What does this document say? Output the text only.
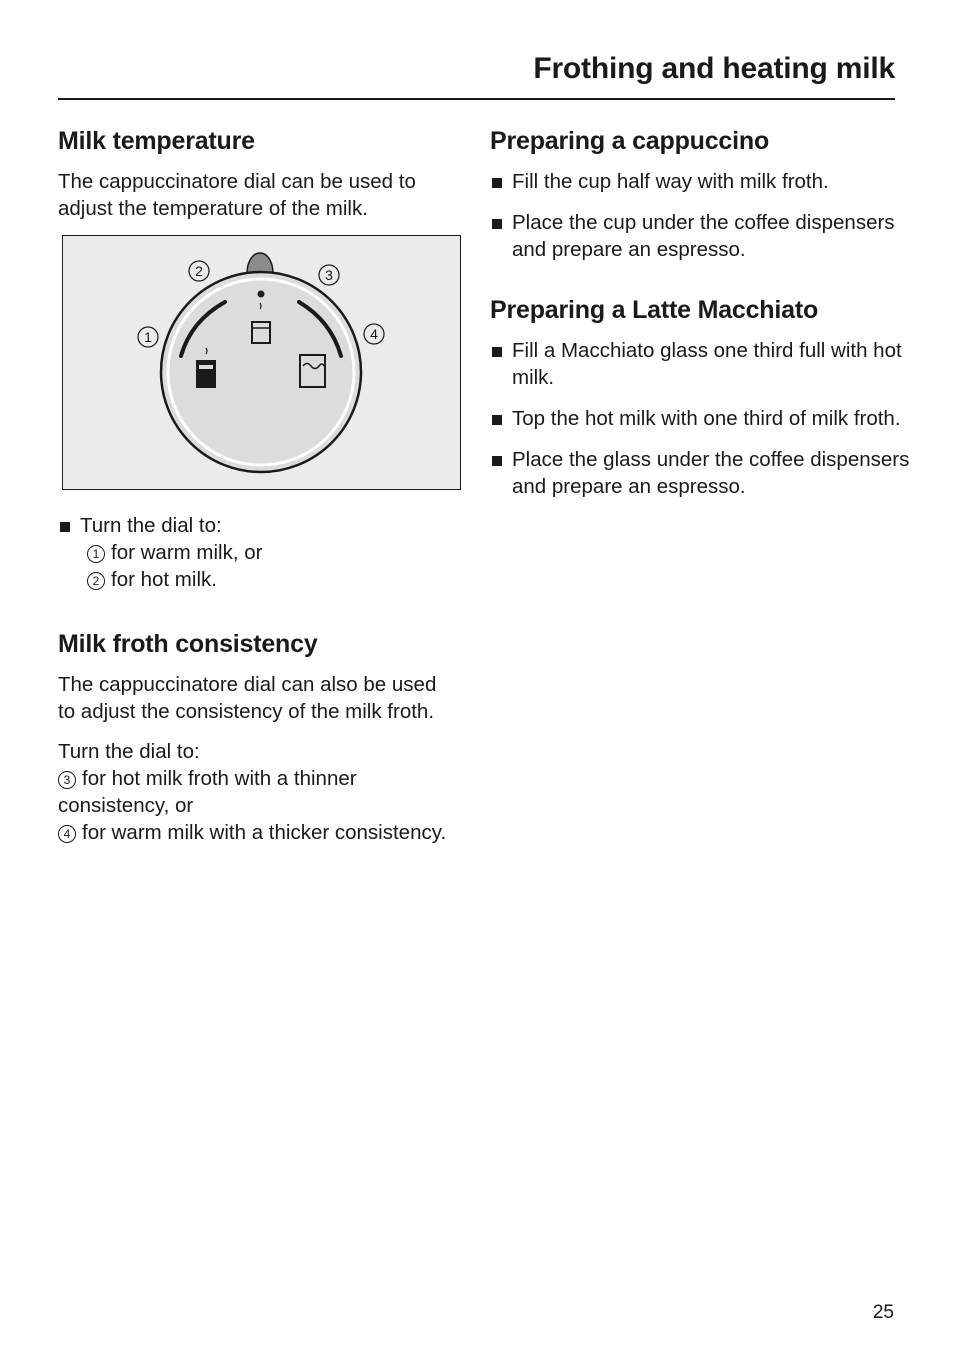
Frothing and heating milk
Milk temperature

The cappuccinatore dial can be used to adjust the temperature of the milk.

1
2	3
4
Turn the dial to:
1 for warm milk, or
2 for hot milk.
Milk froth consistency

The cappuccinatore dial can also be used to adjust the consistency of the milk froth.

Turn the dial to:
3 for hot milk froth with a thinner consistency, or
4 for warm milk with a thicker consistency.

Preparing a cappuccino
Fill the cup half way with milk froth.
Place the cup under the coffee dispensers and prepare an espresso.
Preparing a Latte Macchiato
Fill a Macchiato glass one third full with hot milk.
Top the hot milk with one third of milk froth.
Place the glass under the coffee dispensers and prepare an espresso.
25
